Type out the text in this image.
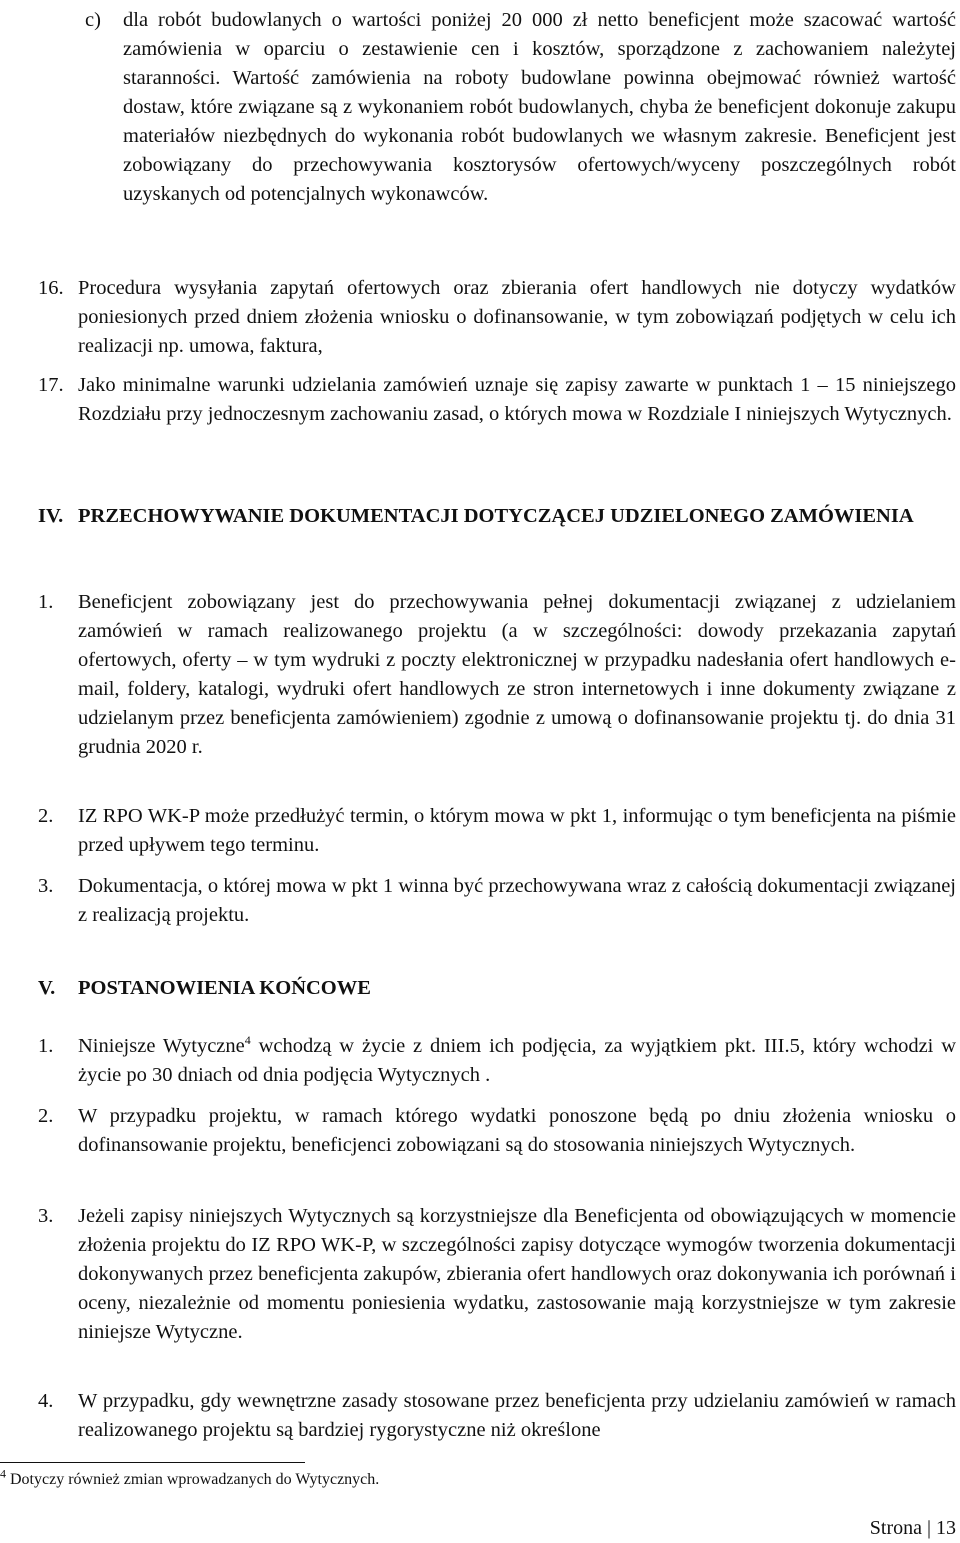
c) dla robót budowlanych o wartości poniżej 20 000 zł netto beneficjent może szacować wartość zamówienia w oparciu o zestawienie cen i kosztów, sporządzone z zachowaniem należytej staranności. Wartość zamówienia na roboty budowlane powinna obejmować również wartość dostaw, które związane są z wykonaniem robót budowlanych, chyba że beneficjent dokonuje zakupu materiałów niezbędnych do wykonania robót budowlanych we własnym zakresie. Beneficjent jest zobowiązany do przechowywania kosztorysów ofertowych/wyceny poszczególnych robót uzyskanych od potencjalnych wykonawców.
16. Procedura wysyłania zapytań ofertowych oraz zbierania ofert handlowych nie dotyczy wydatków poniesionych przed dniem złożenia wniosku o dofinansowanie, w tym zobowiązań podjętych w celu ich realizacji np. umowa, faktura,
17. Jako minimalne warunki udzielania zamówień uznaje się zapisy zawarte w punktach 1 – 15 niniejszego Rozdziału przy jednoczesnym zachowaniu zasad, o których mowa w Rozdziale I niniejszych Wytycznych.
IV. PRZECHOWYWANIE DOKUMENTACJI DOTYCZĄCEJ UDZIELONEGO ZAMÓWIENIA
1. Beneficjent zobowiązany jest do przechowywania pełnej dokumentacji związanej z udzielaniem zamówień w ramach realizowanego projektu (a w szczególności: dowody przekazania zapytań ofertowych, oferty – w tym wydruki z poczty elektronicznej w przypadku nadesłania ofert handlowych e-mail, foldery, katalogi, wydruki ofert handlowych ze stron internetowych i inne dokumenty związane z udzielanym przez beneficjenta zamówieniem) zgodnie z umową o dofinansowanie projektu tj. do dnia 31 grudnia 2020 r.
2. IZ RPO WK-P może przedłużyć termin, o którym mowa w pkt 1, informując o tym beneficjenta na piśmie przed upływem tego terminu.
3. Dokumentacja, o której mowa w pkt 1 winna być przechowywana wraz z całością dokumentacji związanej z realizacją projektu.
V. POSTANOWIENIA KOŃCOWE
1. Niniejsze Wytyczne$^4$ wchodzą w życie z dniem ich podjęcia, za wyjątkiem pkt. III.5, który wchodzi w życie po 30 dniach od dnia podjęcia Wytycznych .
2. W przypadku projektu, w ramach którego wydatki ponoszone będą po dniu złożenia wniosku o dofinansowanie projektu, beneficjenci zobowiązani są do stosowania niniejszych Wytycznych.
3. Jeżeli zapisy niniejszych Wytycznych są korzystniejsze dla Beneficjenta od obowiązujących w momencie złożenia projektu do IZ RPO WK-P, w szczególności zapisy dotyczące wymogów tworzenia dokumentacji dokonywanych przez beneficjenta zakupów, zbierania ofert handlowych oraz dokonywania ich porównań i oceny, niezależnie od momentu poniesienia wydatku, zastosowanie mają korzystniejsze w tym zakresie niniejsze Wytyczne.
4. W przypadku, gdy wewnętrzne zasady stosowane przez beneficjenta przy udzielaniu zamówień w ramach realizowanego projektu są bardziej rygorystyczne niż określone
$^4$ Dotyczy również zmian wprowadzanych do Wytycznych.
Strona | 13
